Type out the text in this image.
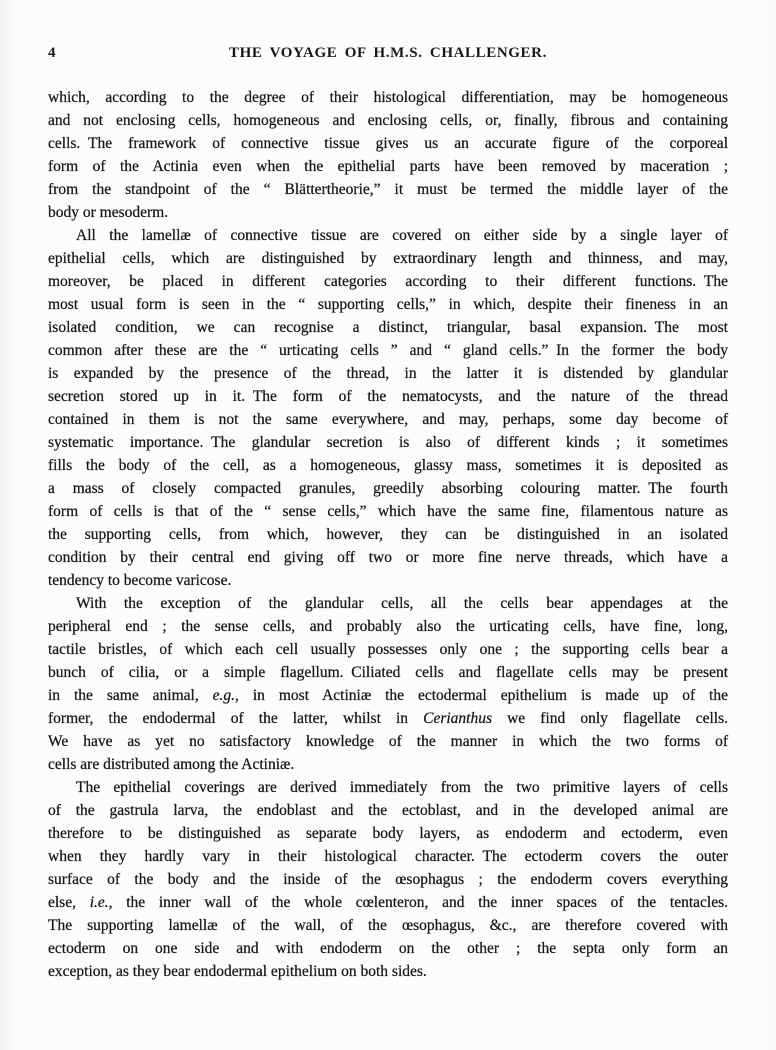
4	THE VOYAGE OF H.M.S. CHALLENGER.

which, according to the degree of their histological differentiation, may be homogeneous
and not enclosing cells, homogeneous and enclosing cells, or, finally, fibrous and containing
cells. The framework of connective tissue gives us an accurate figure of the corporeal
form of the Actinia even when the epithelial parts have been removed by maceration ;
from the standpoint of the “ Blättertheorie,” it must be termed the middle layer of the
body or mesoderm.

All the lamellæ of connective tissue are covered on either side by a single layer of
epithelial cells, which are distinguished by extraordinary length and thinness, and may,
moreover, be placed in different categories according to their different functions. The
most usual form is seen in the “ supporting cells,” in which, despite their fineness in an
isolated condition, we can recognise a distinct, triangular, basal expansion. The most
common after these are the “ urticating cells ” and “ gland cells.” In the former the body
is expanded by the presence of the thread, in the latter it is distended by glandular
secretion stored up in it. The form of the nematocysts, and the nature of the thread
contained in them is not the same everywhere, and may, perhaps, some day become of
systematic importance. The glandular secretion is also of different kinds ; it sometimes
fills the body of the cell, as a homogeneous, glassy mass, sometimes it is deposited as
a mass of closely compacted granules, greedily absorbing colouring matter. The fourth
form of cells is that of the “ sense cells,” which have the same fine, filamentous nature as
the supporting cells, from which, however, they can be distinguished in an isolated
condition by their central end giving off two or more fine nerve threads, which have a
tendency to become varicose.

With the exception of the glandular cells, all the cells bear appendages at the
peripheral end ; the sense cells, and probably also the urticating cells, have fine, long,
tactile bristles, of which each cell usually possesses only one ; the supporting cells bear a
bunch of cilia, or a simple flagellum. Ciliated cells and flagellate cells may be present
in the same animal, e.g., in most Actiniæ the ectodermal epithelium is made up of the
former, the endodermal of the latter, whilst in Cerianthus we find only flagellate cells.
We have as yet no satisfactory knowledge of the manner in which the two forms of
cells are distributed among the Actiniæ.

The epithelial coverings are derived immediately from the two primitive layers of cells
of the gastrula larva, the endoblast and the ectoblast, and in the developed animal are
therefore to be distinguished as separate body layers, as endoderm and ectoderm, even
when they hardly vary in their histological character. The ectoderm covers the outer
surface of the body and the inside of the œsophagus ; the endoderm covers everything
else, i.e., the inner wall of the whole cœlenteron, and the inner spaces of the tentacles.
The supporting lamellæ of the wall, of the œsophagus, &c., are therefore covered with
ectoderm on one side and with endoderm on the other ; the septa only form an
exception, as they bear endodermal epithelium on both sides.
